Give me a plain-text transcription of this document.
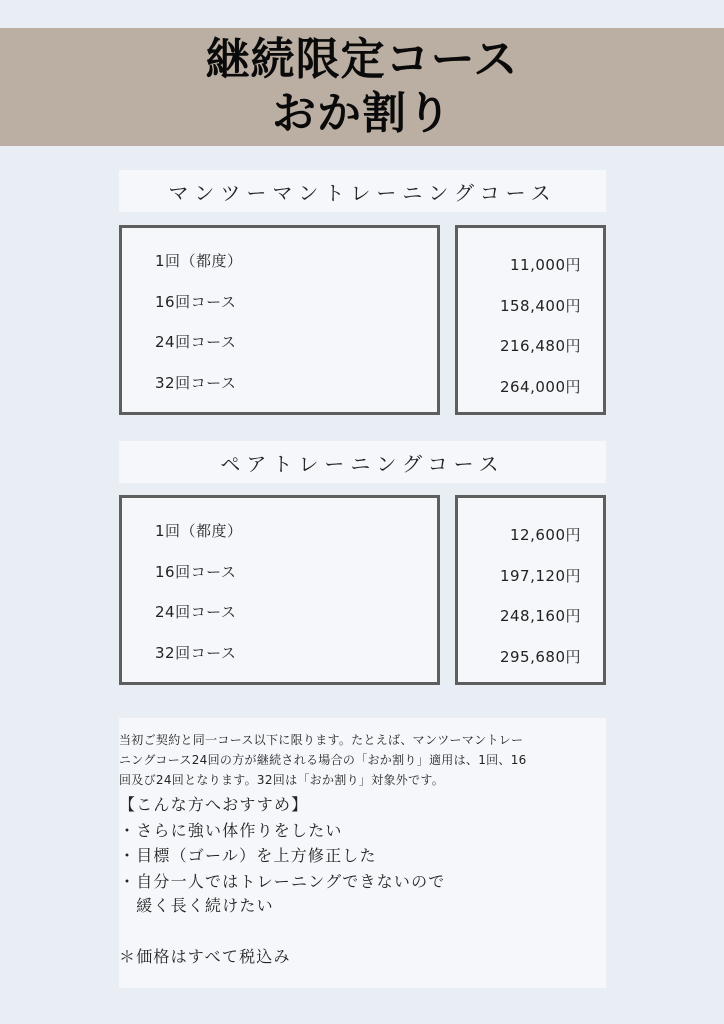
継続限定コース
おか割り
マンツーマントレーニングコース
1回（都度）
16回コース
24回コース
32回コース
11,000円
158,400円
216,480円
264,000円
ペアトレーニングコース
1回（都度）
16回コース
24回コース
32回コース
12,600円
197,120円
248,160円
295,680円
当初ご契約と同一コース以下に限ります。たとえば、マンツーマントレー
ニングコース24回の方が継続される場合の「おか割り」適用は、1回、16
回及び24回となります。32回は「おか割り」対象外です。
【こんな方へおすすめ】
・さらに強い体作りをしたい
・目標（ゴール）を上方修正した
・自分一人ではトレーニングできないので
　緩く長く続けたい
＊価格はすべて税込み
